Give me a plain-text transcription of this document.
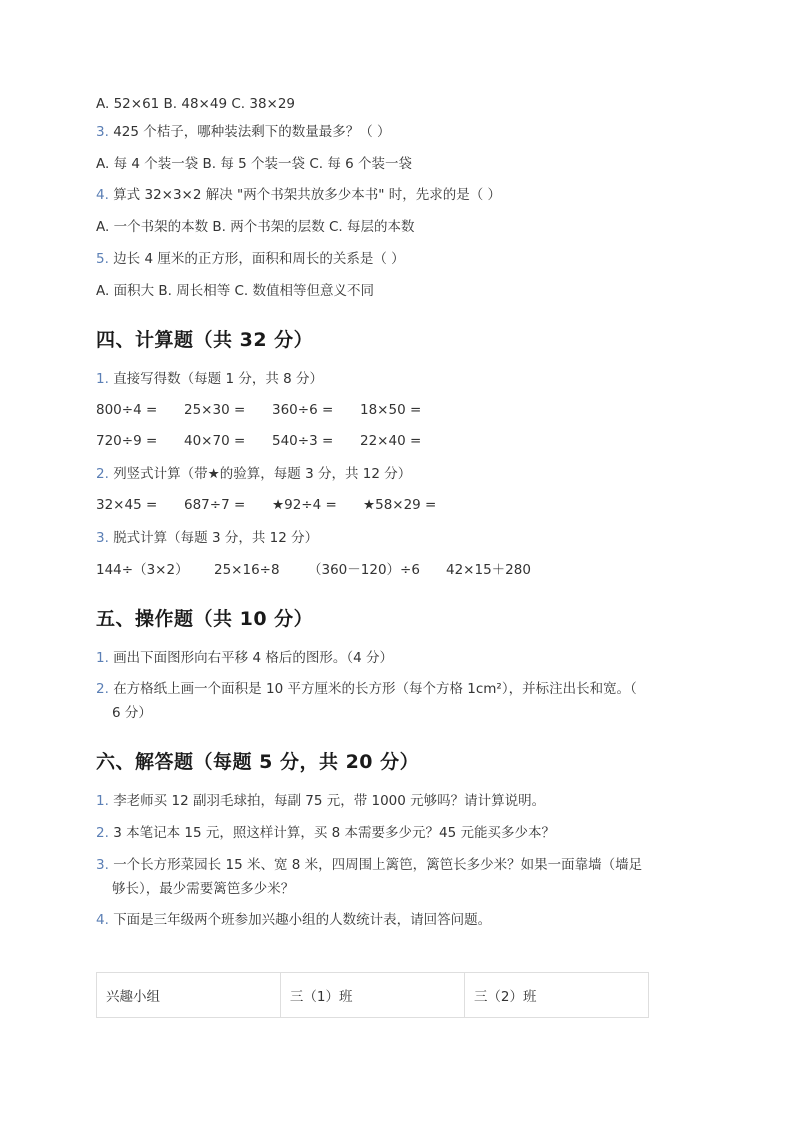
A. 52×61 B. 48×49 C. 38×29
3. 425 个桔子，哪种装法剩下的数量最多？（ ）
A. 每 4 个装一袋 B. 每 5 个装一袋 C. 每 6 个装一袋
4. 算式 32×3×2 解决 "两个书架共放多少本书" 时，先求的是（ ）
A. 一个书架的本数 B. 两个书架的层数 C. 每层的本数
5. 边长 4 厘米的正方形，面积和周长的关系是（ ）
A. 面积大 B. 周长相等 C. 数值相等但意义不同
四、计算题（共 32 分）
1. 直接写得数（每题 1 分，共 8 分）
800÷4 = 25×30 = 360÷6 = 18×50 =
720÷9 = 40×70 = 540÷3 = 22×40 =
2. 列竖式计算（带★的验算，每题 3 分，共 12 分）
32×45 = 687÷7 = ★92÷4 = ★58×29 =
3. 脱式计算（每题 3 分，共 12 分）
144÷（3×2） 25×16÷8 （360－120）÷6 42×15＋280
五、操作题（共 10 分）
1. 画出下面图形向右平移 4 格后的图形。（4 分）
2. 在方格纸上画一个面积是 10 平方厘米的长方形（每个方格 1cm²），并标注出长和宽。（
6 分）
六、解答题（每题 5 分，共 20 分）
1. 李老师买 12 副羽毛球拍，每副 75 元，带 1000 元够吗？请计算说明。
2. 3 本笔记本 15 元，照这样计算，买 8 本需要多少元？45 元能买多少本？
3. 一个长方形菜园长 15 米、宽 8 米，四周围上篱笆，篱笆长多少米？如果一面靠墙（墙足
够长），最少需要篱笆多少米？
4. 下面是三年级两个班参加兴趣小组的人数统计表，请回答问题。
兴趣小组	三（1）班	三（2）班
